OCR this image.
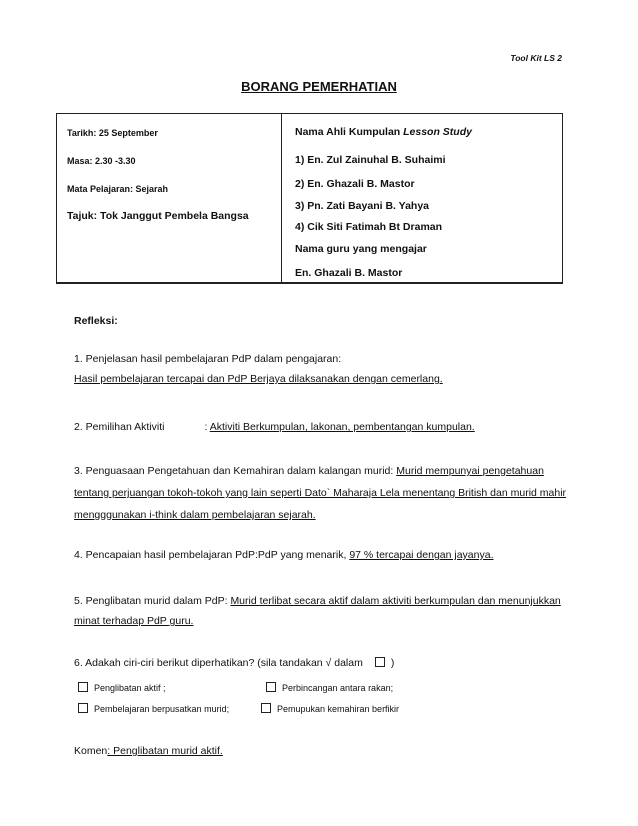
Tool Kit LS 2
BORANG PEMERHATIAN
Tarikh: 25 September
Masa: 2.30 -3.30
Mata Pelajaran: Sejarah
Tajuk: Tok Janggut Pembela Bangsa
Nama Ahli Kumpulan Lesson Study
1) En. Zul Zainuhal B. Suhaimi
2) En. Ghazali B. Mastor
3) Pn. Zati Bayani B. Yahya
4) Cik Siti Fatimah Bt Draman
Nama guru yang mengajar
En. Ghazali B. Mastor
Refleksi:
1. Penjelasan hasil pembelajaran PdP dalam pengajaran:
Hasil pembelajaran tercapai dan PdP Berjaya dilaksanakan dengan cemerlang.
2. Pemilihan Aktiviti	: Aktiviti Berkumpulan, lakonan, pembentangan kumpulan.
3. Penguasaan Pengetahuan dan Kemahiran dalam kalangan murid: Murid mempunyai pengetahuan
tentang perjuangan tokoh-tokoh yang lain seperti Dato` Maharaja Lela menentang British dan murid mahir
mengggunakan i-think dalam pembelajaran sejarah.
4. Pencapaian hasil pembelajaran PdP:PdP yang menarik, 97 % tercapai dengan jayanya.
5. Penglibatan murid dalam PdP: Murid terlibat secara aktif dalam aktiviti berkumpulan dan menunjukkan
minat terhadap PdP guru.
6. Adakah ciri-ciri berikut diperhatikan? (sila tandakan √ dalam	)
Penglibatan aktif ;	Perbincangan antara rakan;
Pembelajaran berpusatkan murid;	Pemupukan kemahiran berfikir
Komen: Penglibatan murid aktif.
